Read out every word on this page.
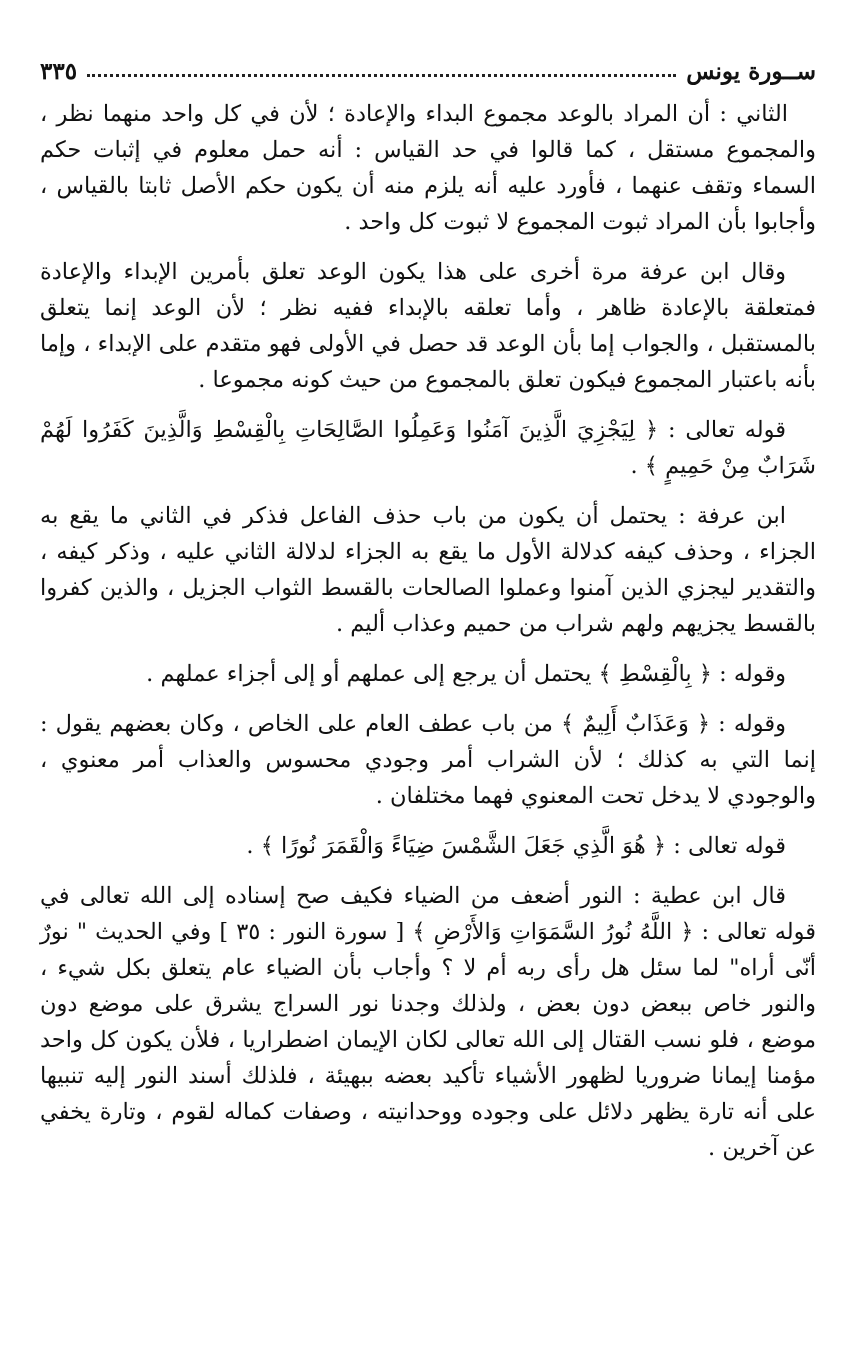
ســورة يونس
٣٣٥

الثاني : أن المراد بالوعد مجموع البداء والإعادة ؛ لأن في كل واحد منهما نظر ، والمجموع مستقل ، كما قالوا في حد القياس : أنه حمل معلوم في إثبات حكم السماء وتقف عنهما ، فأورد عليه أنه يلزم منه أن يكون حكم الأصل ثابتا بالقياس ، وأجابوا بأن المراد ثبوت المجموع لا ثبوت كل واحد .

وقال ابن عرفة مرة أخرى على هذا يكون الوعد تعلق بأمرين الإبداء والإعادة فمتعلقة بالإعادة ظاهر ، وأما تعلقه بالإبداء ففيه نظر ؛ لأن الوعد إنما يتعلق بالمستقبل ، والجواب إما بأن الوعد قد حصل في الأولى فهو متقدم على الإبداء ، وإما بأنه باعتبار المجموع فيكون تعلق بالمجموع من حيث كونه مجموعا .

قوله تعالى : ﴿ لِيَجْزِيَ الَّذِينَ آمَنُوا وَعَمِلُوا الصَّالِحَاتِ بِالْقِسْطِ وَالَّذِينَ كَفَرُوا لَهُمْ شَرَابٌ مِنْ حَمِيمٍ ﴾ .

ابن عرفة : يحتمل أن يكون من باب حذف الفاعل فذكر في الثاني ما يقع به الجزاء ، وحذف كيفه كدلالة الأول ما يقع به الجزاء لدلالة الثاني عليه ، وذكر كيفه ، والتقدير ليجزي الذين آمنوا وعملوا الصالحات بالقسط الثواب الجزيل ، والذين كفروا بالقسط يجزيهم ولهم شراب من حميم وعذاب أليم .

وقوله : ﴿ بِالْقِسْطِ ﴾ يحتمل أن يرجع إلى عملهم أو إلى أجزاء عملهم .

وقوله : ﴿ وَعَذَابٌ أَلِيمٌ ﴾ من باب عطف العام على الخاص ، وكان بعضهم يقول : إنما التي به كذلك ؛ لأن الشراب أمر وجودي محسوس والعذاب أمر معنوي ، والوجودي لا يدخل تحت المعنوي فهما مختلفان .

قوله تعالى : ﴿ هُوَ الَّذِي جَعَلَ الشَّمْسَ ضِيَاءً وَالْقَمَرَ نُورًا ﴾ .

قال ابن عطية : النور أضعف من الضياء فكيف صح إسناده إلى الله تعالى في قوله تعالى : ﴿ اللَّهُ نُورُ السَّمَوَاتِ وَالأَرْضِ ﴾ [ سورة النور : ٣٥ ] وفي الحديث " نورٌ أنّى أراه" لما سئل هل رأى ربه أم لا ؟ وأجاب بأن الضياء عام يتعلق بكل شيء ، والنور خاص ببعض دون بعض ، ولذلك وجدنا نور السراج يشرق على موضع دون موضع ، فلو نسب القتال إلى الله تعالى لكان الإيمان اضطراريا ، فلأن يكون كل واحد مؤمنا إيمانا ضروريا لظهور الأشياء تأكيد بعضه ببهيئة ، فلذلك أسند النور إليه تنبيها على أنه تارة يظهر دلائل على وجوده ووحدانيته ، وصفات كماله لقوم ، وتارة يخفي عن آخرين .
